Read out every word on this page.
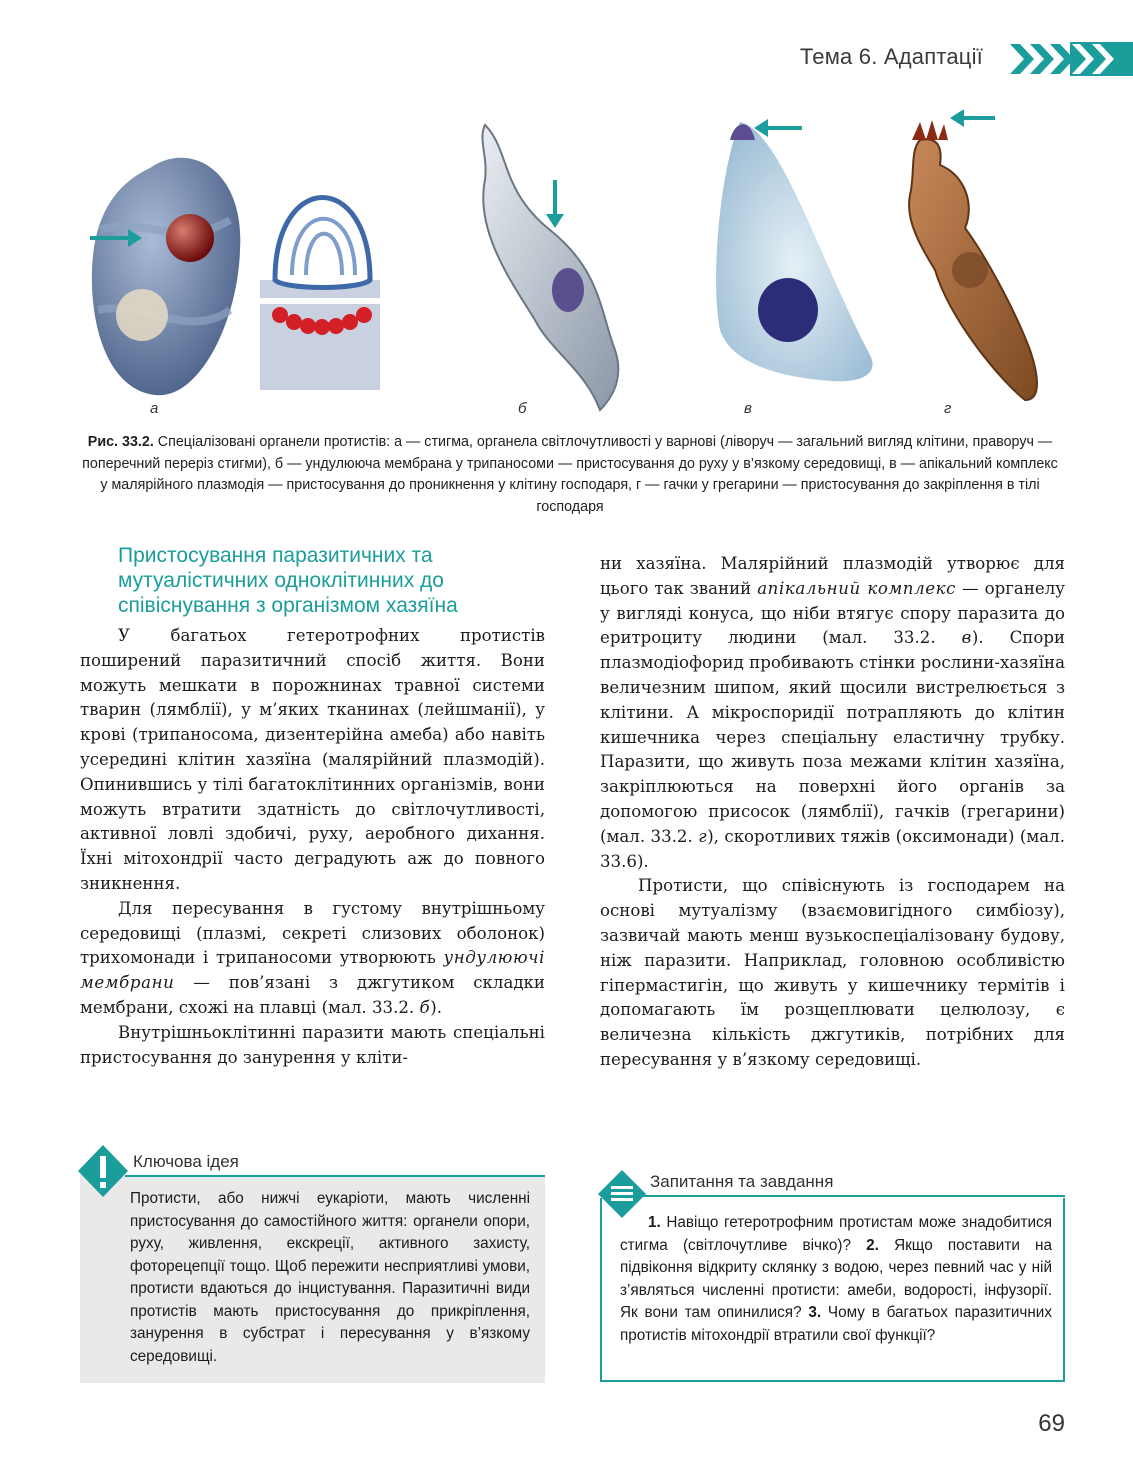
Тема 6. Адаптації
а	б	в	г
Рис. 33.2. Спеціалізовані органели протистів: а — стигма, органела світлочутливості у варнові (ліворуч — загальний вигляд клітини, праворуч — поперечний переріз стигми), б — ундулююча мембрана у трипаносоми — пристосування до руху у в’язкому середовищі, в — апікальний комплекс у малярійного плазмодія — пристосування до проникнення у клітину господаря, г — гачки у грегарини — пристосування до закріплення в тілі господаря
Пристосування паразитичних та мутуалістичних одноклітинних до співіснування з організмом хазяїна

У багатьох гетеротрофних протистів поширений паразитичний спосіб життя. Вони можуть мешкати в порожнинах травної системи тварин (лямблії), у м’яких тканинах (лейшманії), у крові (трипаносома, дизентерійна амеба) або навіть усередині клітин хазяїна (малярійний плазмодій). Опинившись у тілі багатоклітинних організмів, вони можуть втратити здатність до світлочутливості, активної ловлі здобичі, руху, аеробного дихання. Їхні мітохондрії часто деградують аж до повного зникнення.

Для пересування в густому внутрішньому середовищі (плазмі, секреті слизових оболонок) трихомонади і трипаносоми утворюють ундулюючі мембрани — пов’язані з джгутиком складки мембрани, схожі на плавці (мал. 33.2. б).

Внутрішньоклітинні паразити мають спеціальні пристосування до занурення у кліти-

ни хазяїна. Малярійний плазмодій утворює для цього так званий апікальний комплекс — органелу у вигляді конуса, що ніби втягує спору паразита до еритроциту людини (мал. 33.2. в). Спори плазмодіофорид пробивають стінки рослини-хазяїна величезним шипом, який щосили вистрелюється з клітини. А мікроспоридії потрапляють до клітин кишечника через спеціальну еластичну трубку. Паразити, що живуть поза межами клітин хазяїна, закріплюються на поверхні його органів за допомогою присосок (лямблії), гачків (грегарини) (мал. 33.2. г), скоротливих тяжів (оксимонади) (мал. 33.6).

Протисти, що співіснують із господарем на основі мутуалізму (взаємовигідного симбіозу), зазвичай мають менш вузькоспеціалізовану будову, ніж паразити. Наприклад, головною особливістю гіпермастигін, що живуть у кишечнику термітів і допомагають їм розщеплювати целюлозу, є величезна кількість джгутиків, потрібних для пересування у в’язкому середовищі.

Ключова ідея
Протисти, або нижчі еукаріоти, мають численні пристосування до самостійного життя: органели опори, руху, живлення, екскреції, активного захисту, фоторецепції тощо. Щоб пережити несприятливі умови, протисти вдаються до інцистування. Паразитичні види протистів мають пристосування до прикріплення, занурення в субстрат і пересування у в’язкому середовищі.
Запитання та завдання
1. Навіщо гетеротрофним протистам може знадобитися стигма (світлочутливе вічко)? 2. Якщо поставити на підвіконня відкриту склянку з водою, через певний час у ній з’являться численні протисти: амеби, водорості, інфузорії. Як вони там опинилися? 3. Чому в багатьох паразитичних протистів мітохондрії втратили свої функції?
69
